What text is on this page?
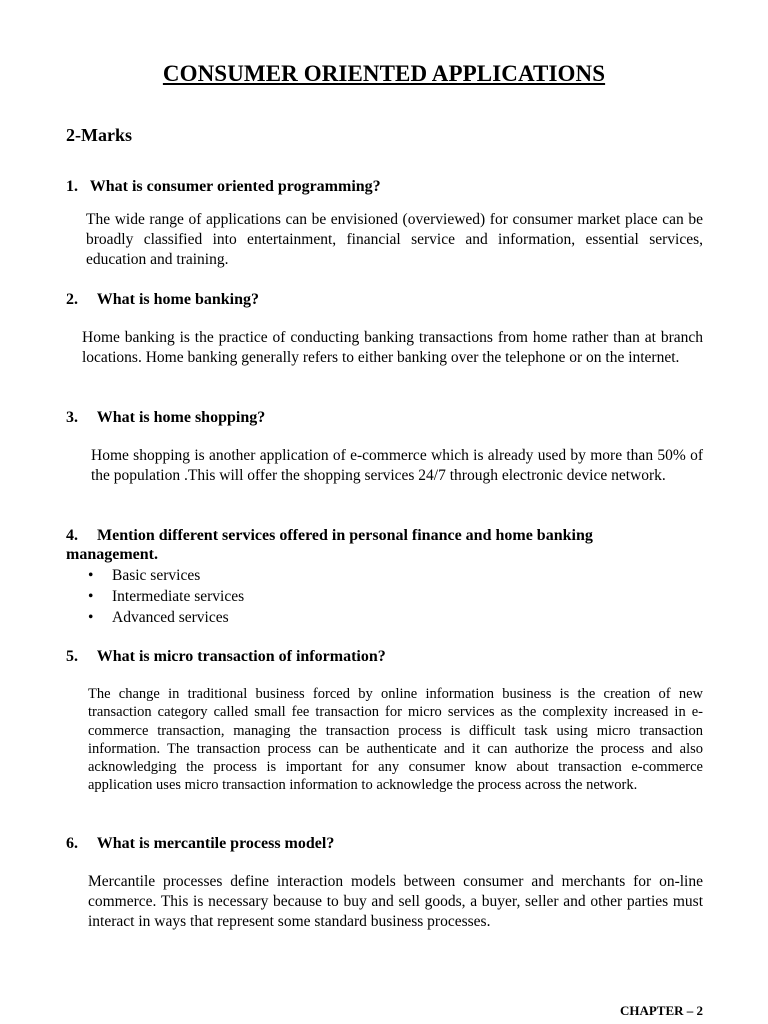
CONSUMER ORIENTED APPLICATIONS
2-Marks
1. What is consumer oriented programming?
The wide range of applications can be envisioned (overviewed) for consumer market place can be broadly classified into entertainment, financial service and information, essential services, education and training.
2. What is home banking?
Home banking is the practice of conducting banking transactions from home rather than at branch locations. Home banking generally refers to either banking over the telephone or on the internet.
3. What is home shopping?
Home shopping is another application of e-commerce which is already used by more than 50% of the population .This will offer the shopping services 24/7 through electronic device network.
4. Mention different services offered in personal finance and home banking management.
• Basic services
• Intermediate services
• Advanced services
5. What is micro transaction of information?
The change in traditional business forced by online information business is the creation of new transaction category called small fee transaction for micro services as the complexity increased in e-commerce transaction, managing the transaction process is difficult task using micro transaction information. The transaction process can be authenticate and it can authorize the process and also acknowledging the process is important for any consumer know about transaction e-commerce application uses micro transaction information to acknowledge the process across the network.
6. What is mercantile process model?
Mercantile processes define interaction models between consumer and merchants for on-line commerce. This is necessary because to buy and sell goods, a buyer, seller and other parties must interact in ways that represent some standard business processes.
CHAPTER – 2
